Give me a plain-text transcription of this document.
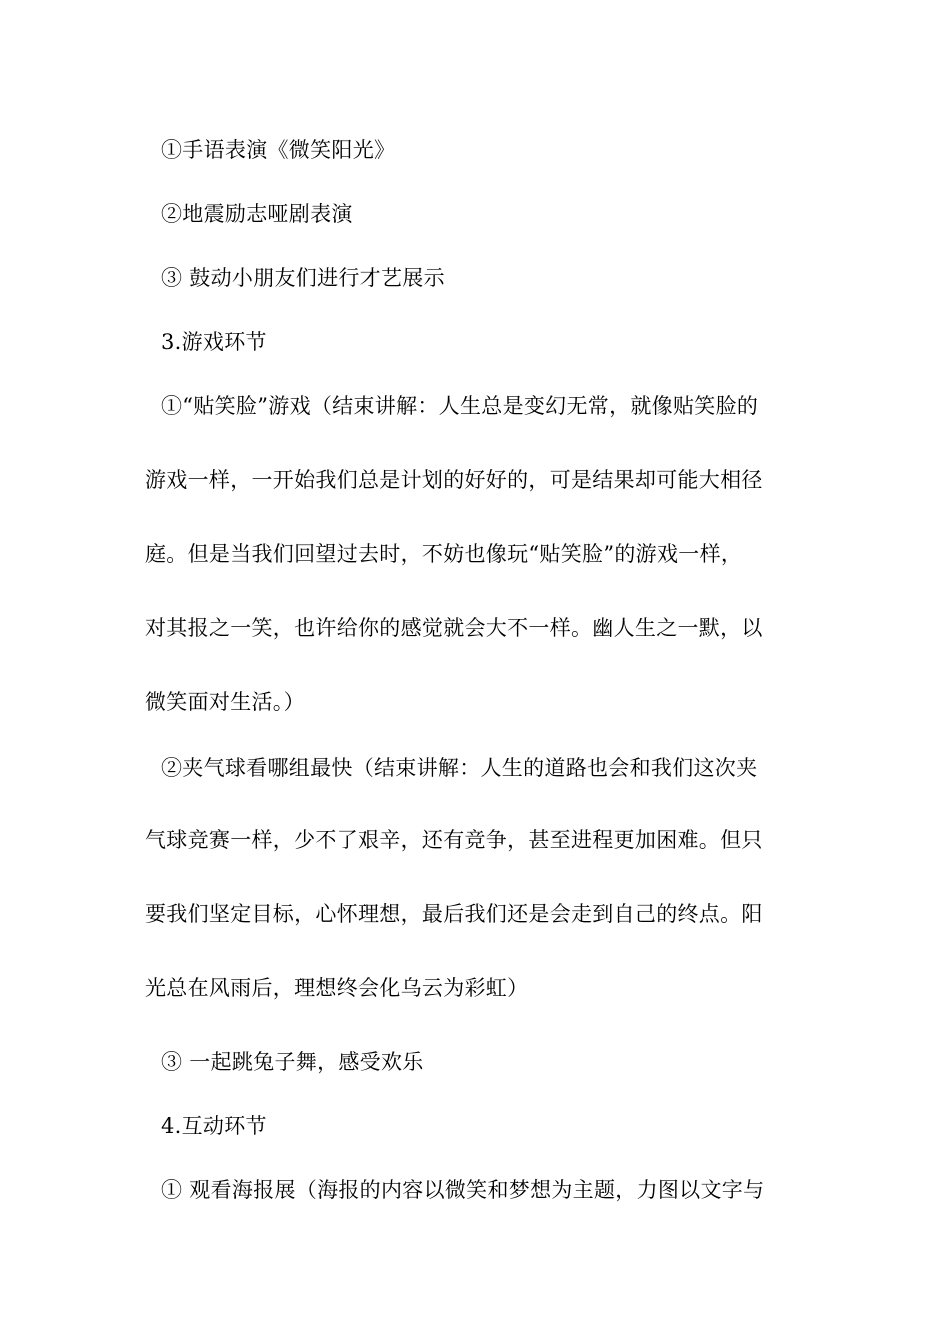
①手语表演《微笑阳光》
②地震励志哑剧表演
③ 鼓动小朋友们进行才艺展示
3.游戏环节
①“贴笑脸”游戏（结束讲解：人生总是变幻无常，就像贴笑脸的
游戏一样，一开始我们总是计划的好好的，可是结果却可能大相径
庭。但是当我们回望过去时，不妨也像玩“贴笑脸”的游戏一样，
对其报之一笑，也许给你的感觉就会大不一样。幽人生之一默，以
微笑面对生活。）
②夹气球看哪组最快（结束讲解：人生的道路也会和我们这次夹
气球竞赛一样，少不了艰辛，还有竞争，甚至进程更加困难。但只
要我们坚定目标，心怀理想，最后我们还是会走到自己的终点。阳
光总在风雨后，理想终会化乌云为彩虹）
③ 一起跳兔子舞，感受欢乐
4.互动环节
① 观看海报展（海报的内容以微笑和梦想为主题，力图以文字与
